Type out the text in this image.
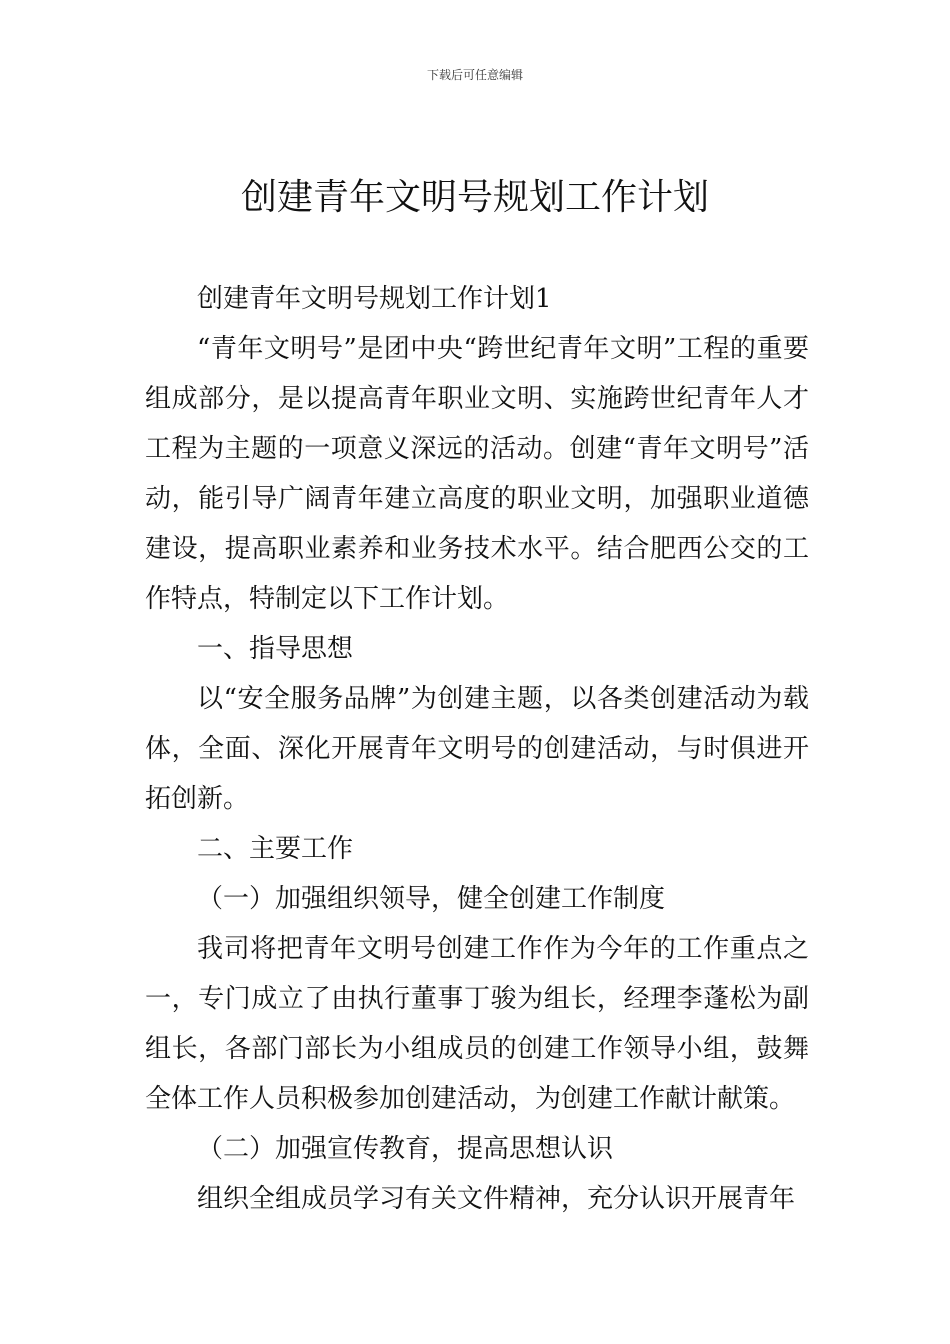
下载后可任意编辑
创建青年文明号规划工作计划

创建青年文明号规划工作计划1

“青年文明号”是团中央“跨世纪青年文明”工程的重要组成部分，是以提高青年职业文明、实施跨世纪青年人才工程为主题的一项意义深远的活动。创建“青年文明号”活动，能引导广阔青年建立高度的职业文明，加强职业道德建设，提高职业素养和业务技术水平。结合肥西公交的工作特点，特制定以下工作计划。

一、指导思想

以“安全服务品牌”为创建主题，以各类创建活动为载体，全面、深化开展青年文明号的创建活动，与时俱进开拓创新。

二、主要工作

（一）加强组织领导，健全创建工作制度

我司将把青年文明号创建工作作为今年的工作重点之一，专门成立了由执行董事丁骏为组长，经理李蓬松为副组长，各部门部长为小组成员的创建工作领导小组，鼓舞全体工作人员积极参加创建活动，为创建工作献计献策。

（二）加强宣传教育，提高思想认识

组织全组成员学习有关文件精神，充分认识开展青年
